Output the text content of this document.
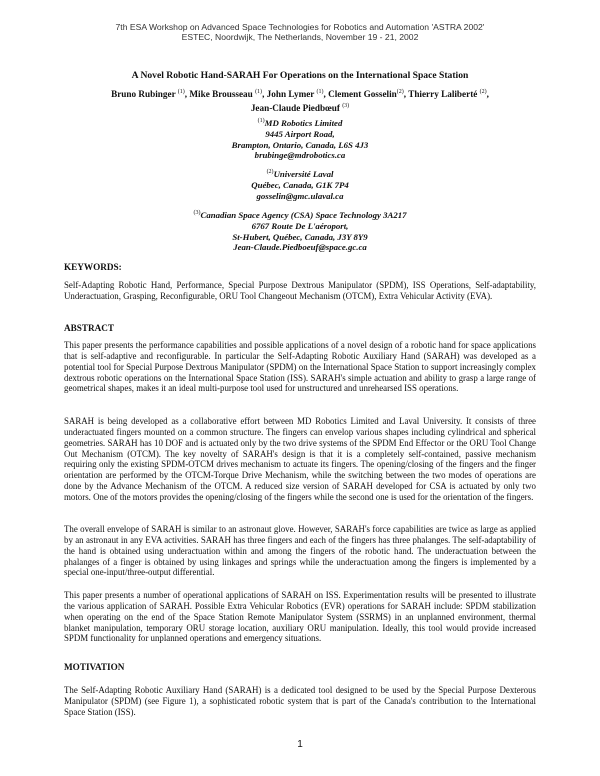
7th ESA Workshop on Advanced Space Technologies for Robotics and Automation 'ASTRA 2002'
ESTEC, Noordwijk, The Netherlands, November 19 - 21, 2002
A Novel Robotic Hand-SARAH For Operations on the International Space Station
Bruno Rubinger $^{(1)}$, Mike Brousseau $^{(1)}$, John Lymer $^{(1)}$, Clement Gosselin$^{(2)}$, Thierry Laliberté $^{(2)}$,
Jean-Claude Piedbœuf $^{(3)}$
$^{(1)}$MD Robotics Limited
9445 Airport Road,
Brampton, Ontario, Canada, L6S 4J3
brubinge@mdrobotics.ca
$^{(2)}$Université Laval
Québec, Canada, G1K 7P4
gosselin@gmc.ulaval.ca
$^{(3)}$Canadian Space Agency (CSA) Space Technology 3A217
6767 Route De L'aéroport,
St-Hubert, Québec, Canada, J3Y 8Y9
Jean-Claude.Piedboeuf@space.gc.ca
KEYWORDS:
Self-Adapting Robotic Hand, Performance, Special Purpose Dextrous Manipulator (SPDM), ISS Operations, Self-adaptability, Underactuation, Grasping, Reconfigurable, ORU Tool Changeout Mechanism (OTCM), Extra Vehicular Activity (EVA).
ABSTRACT
This paper presents the performance capabilities and possible applications of a novel design of a robotic hand for space applications that is self-adaptive and reconfigurable. In particular the Self-Adapting Robotic Auxiliary Hand (SARAH) was developed as a potential tool for Special Purpose Dextrous Manipulator (SPDM) on the International Space Station to support increasingly complex dextrous robotic operations on the International Space Station (ISS). SARAH's simple actuation and ability to grasp a large range of geometrical shapes, makes it an ideal multi-purpose tool used for unstructured and unrehearsed ISS operations.
SARAH is being developed as a collaborative effort between MD Robotics Limited and Laval University. It consists of three underactuated fingers mounted on a common structure. The fingers can envelop various shapes including cylindrical and spherical geometries. SARAH has 10 DOF and is actuated only by the two drive systems of the SPDM End Effector or the ORU Tool Change Out Mechanism (OTCM). The key novelty of SARAH's design is that it is a completely self-contained, passive mechanism requiring only the existing SPDM-OTCM drives mechanism to actuate its fingers. The opening/closing of the fingers and the finger orientation are performed by the OTCM-Torque Drive Mechanism, while the switching between the two modes of operations are done by the Advance Mechanism of the OTCM. A reduced size version of SARAH developed for CSA is actuated by only two motors. One of the motors provides the opening/closing of the fingers while the second one is used for the orientation of the fingers.
The overall envelope of SARAH is similar to an astronaut glove. However, SARAH's force capabilities are twice as large as applied by an astronaut in any EVA activities. SARAH has three fingers and each of the fingers has three phalanges. The self-adaptability of the hand is obtained using underactuation within and among the fingers of the robotic hand. The underactuation between the phalanges of a finger is obtained by using linkages and springs while the underactuation among the fingers is implemented by a special one-input/three-output differential.
This paper presents a number of operational applications of SARAH on ISS. Experimentation results will be presented to illustrate the various application of SARAH. Possible Extra Vehicular Robotics (EVR) operations for SARAH include: SPDM stabilization when operating on the end of the Space Station Remote Manipulator System (SSRMS) in an unplanned environment, thermal blanket manipulation, temporary ORU storage location, auxiliary ORU manipulation. Ideally, this tool would provide increased SPDM functionality for unplanned operations and emergency situations.
MOTIVATION
The Self-Adapting Robotic Auxiliary Hand (SARAH) is a dedicated tool designed to be used by the Special Purpose Dexterous Manipulator (SPDM) (see Figure 1), a sophisticated robotic system that is part of the Canada's contribution to the International Space Station (ISS).
1
